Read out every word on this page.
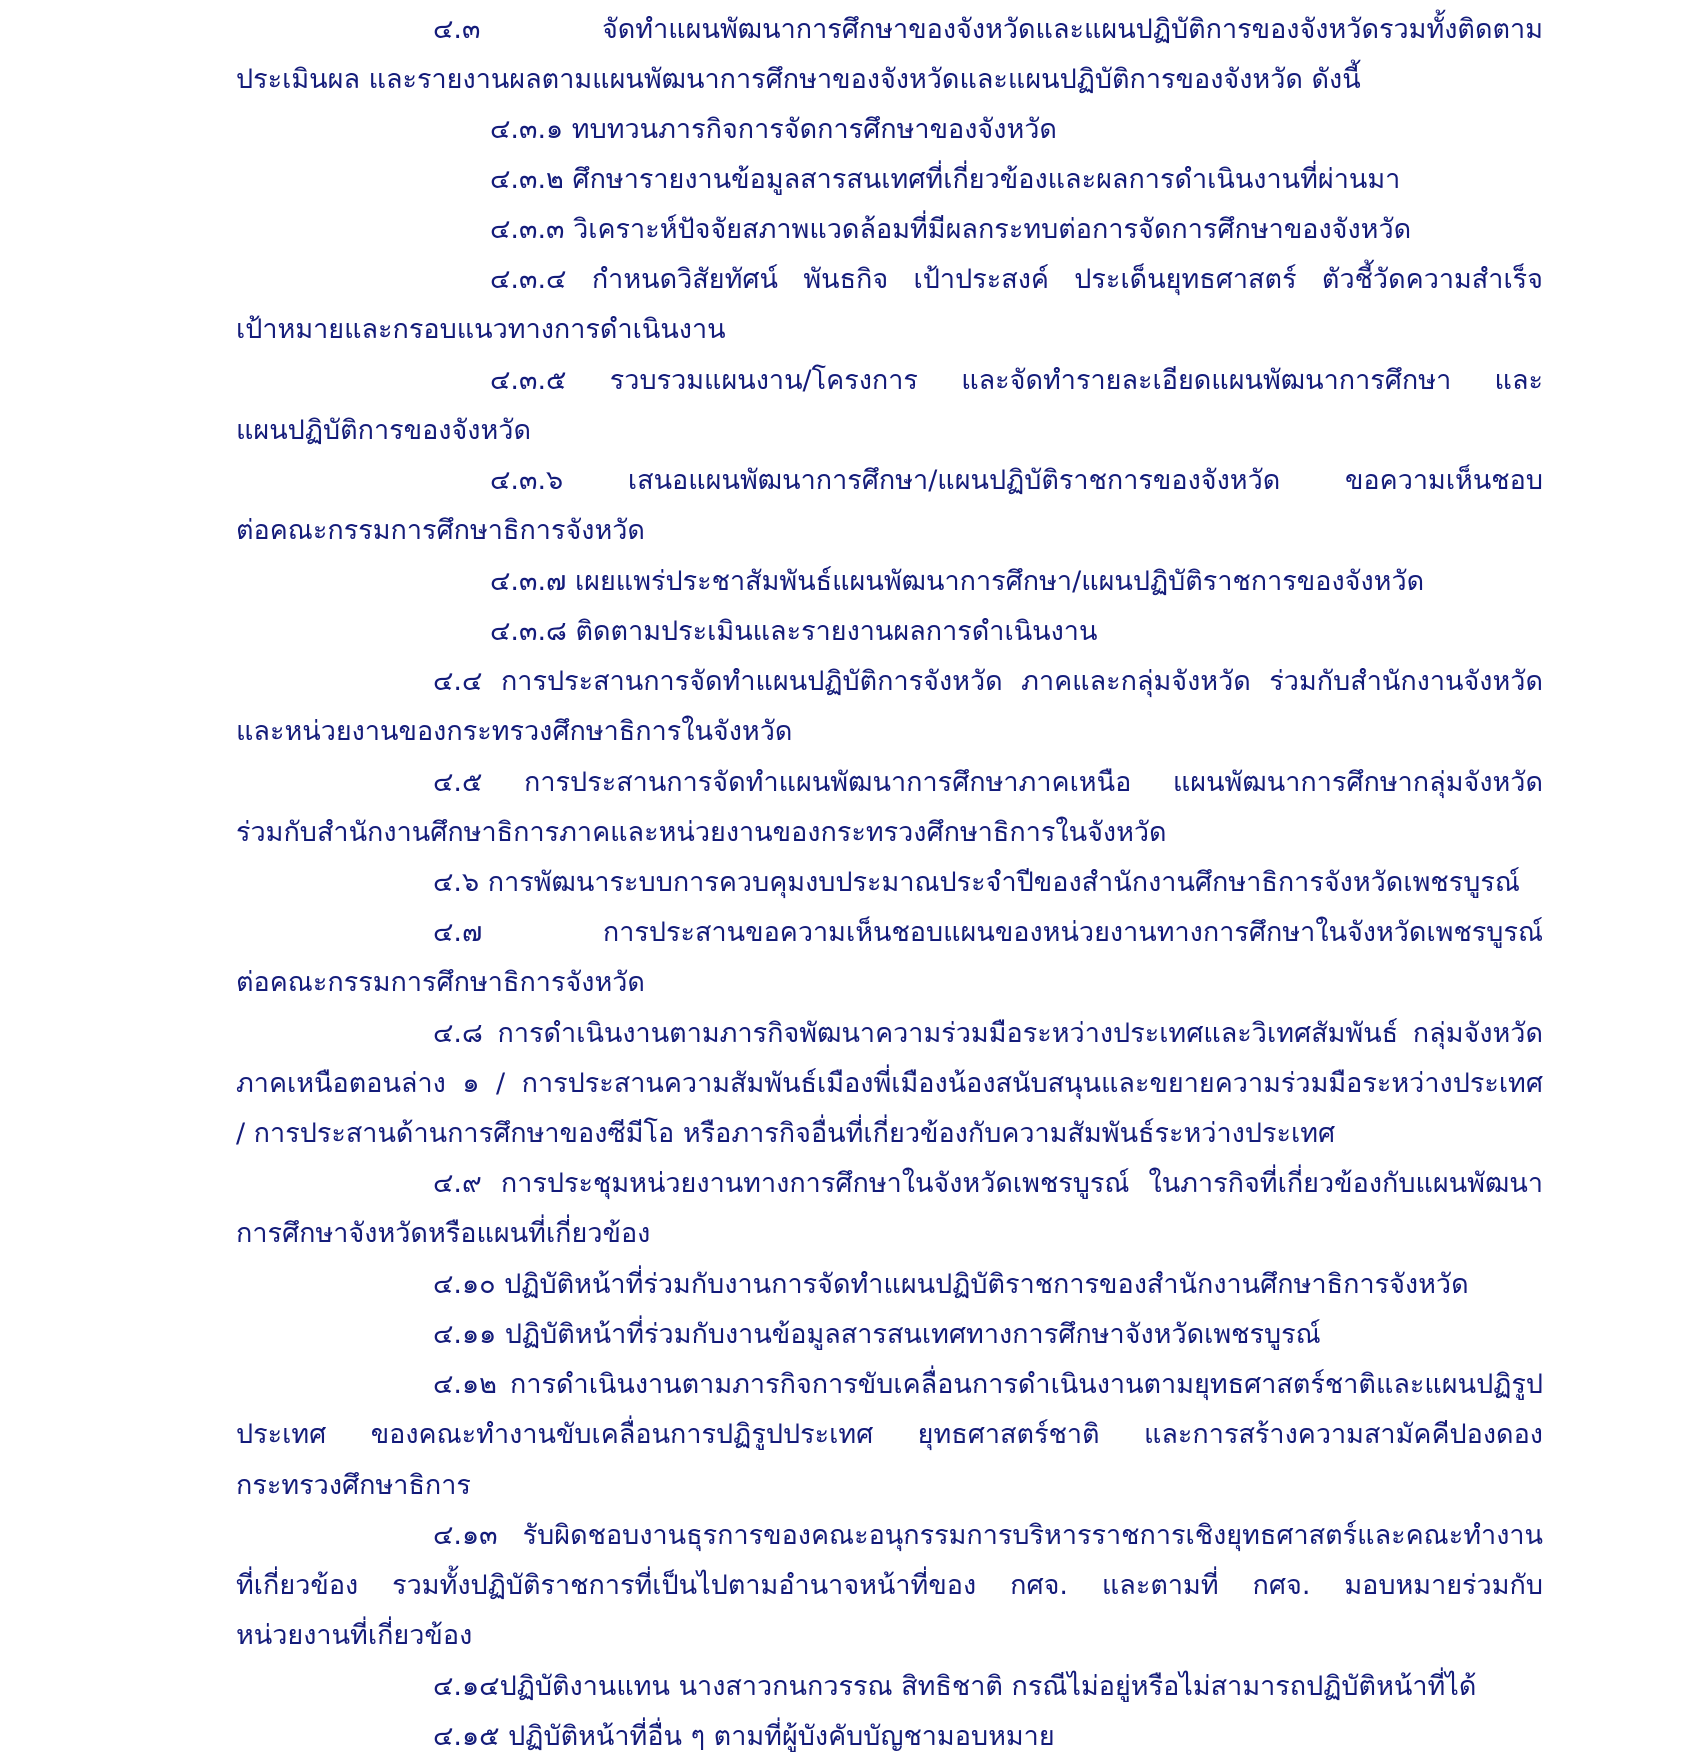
๔.๓ จัดทำแผนพัฒนาการศึกษาของจังหวัดและแผนปฏิบัติการของจังหวัดรวมทั้งติดตาม
ประเมินผล และรายงานผลตามแผนพัฒนาการศึกษาของจังหวัดและแผนปฏิบัติการของจังหวัด ดังนี้
๔.๓.๑ ทบทวนภารกิจการจัดการศึกษาของจังหวัด
๔.๓.๒ ศึกษารายงานข้อมูลสารสนเทศที่เกี่ยวข้องและผลการดำเนินงานที่ผ่านมา
๔.๓.๓ วิเคราะห์ปัจจัยสภาพแวดล้อมที่มีผลกระทบต่อการจัดการศึกษาของจังหวัด
๔.๓.๔ กำหนดวิสัยทัศน์ พันธกิจ เป้าประสงค์ ประเด็นยุทธศาสตร์ ตัวชี้วัดความสำเร็จ
เป้าหมายและกรอบแนวทางการดำเนินงาน
๔.๓.๕ รวบรวมแผนงาน/โครงการ และจัดทำรายละเอียดแผนพัฒนาการศึกษา และ
แผนปฏิบัติการของจังหวัด
๔.๓.๖ เสนอแผนพัฒนาการศึกษา/แผนปฏิบัติราชการของจังหวัด ขอความเห็นชอบ
ต่อคณะกรรมการศึกษาธิการจังหวัด
๔.๓.๗ เผยแพร่ประชาสัมพันธ์แผนพัฒนาการศึกษา/แผนปฏิบัติราชการของจังหวัด
๔.๓.๘ ติดตามประเมินและรายงานผลการดำเนินงาน
๔.๔ การประสานการจัดทำแผนปฏิบัติการจังหวัด ภาคและกลุ่มจังหวัด ร่วมกับสำนักงานจังหวัด
และหน่วยงานของกระทรวงศึกษาธิการในจังหวัด
๔.๕ การประสานการจัดทำแผนพัฒนาการศึกษาภาคเหนือ แผนพัฒนาการศึกษากลุ่มจังหวัด
ร่วมกับสำนักงานศึกษาธิการภาคและหน่วยงานของกระทรวงศึกษาธิการในจังหวัด
๔.๖ การพัฒนาระบบการควบคุมงบประมาณประจำปีของสำนักงานศึกษาธิการจังหวัดเพชรบูรณ์
๔.๗ การประสานขอความเห็นชอบแผนของหน่วยงานทางการศึกษาในจังหวัดเพชรบูรณ์
ต่อคณะกรรมการศึกษาธิการจังหวัด
๔.๘ การดำเนินงานตามภารกิจพัฒนาความร่วมมือระหว่างประเทศและวิเทศสัมพันธ์ กลุ่มจังหวัด
ภาคเหนือตอนล่าง ๑ / การประสานความสัมพันธ์เมืองพี่เมืองน้องสนับสนุนและขยายความร่วมมือระหว่างประเทศ
/ การประสานด้านการศึกษาของซีมีโอ หรือภารกิจอื่นที่เกี่ยวข้องกับความสัมพันธ์ระหว่างประเทศ
๔.๙ การประชุมหน่วยงานทางการศึกษาในจังหวัดเพชรบูรณ์ ในภารกิจที่เกี่ยวข้องกับแผนพัฒนา
การศึกษาจังหวัดหรือแผนที่เกี่ยวข้อง
๔.๑๐ ปฏิบัติหน้าที่ร่วมกับงานการจัดทำแผนปฏิบัติราชการของสำนักงานศึกษาธิการจังหวัด
๔.๑๑ ปฏิบัติหน้าที่ร่วมกับงานข้อมูลสารสนเทศทางการศึกษาจังหวัดเพชรบูรณ์
๔.๑๒ การดำเนินงานตามภารกิจการขับเคลื่อนการดำเนินงานตามยุทธศาสตร์ชาติและแผนปฏิรูป
ประเทศ ของคณะทำงานขับเคลื่อนการปฏิรูปประเทศ ยุทธศาสตร์ชาติ และการสร้างความสามัคคีปองดอง
กระทรวงศึกษาธิการ
๔.๑๓ รับผิดชอบงานธุรการของคณะอนุกรรมการบริหารราชการเชิงยุทธศาสตร์และคณะทำงาน
ที่เกี่ยวข้อง รวมทั้งปฏิบัติราชการที่เป็นไปตามอำนาจหน้าที่ของ กศจ. และตามที่ กศจ. มอบหมายร่วมกับ
หน่วยงานที่เกี่ยวข้อง
๔.๑๔ปฏิบัติงานแทน นางสาวกนกวรรณ สิทธิชาติ กรณีไม่อยู่หรือไม่สามารถปฏิบัติหน้าที่ได้
๔.๑๕ ปฏิบัติหน้าที่อื่น ๆ ตามที่ผู้บังคับบัญชามอบหมาย
